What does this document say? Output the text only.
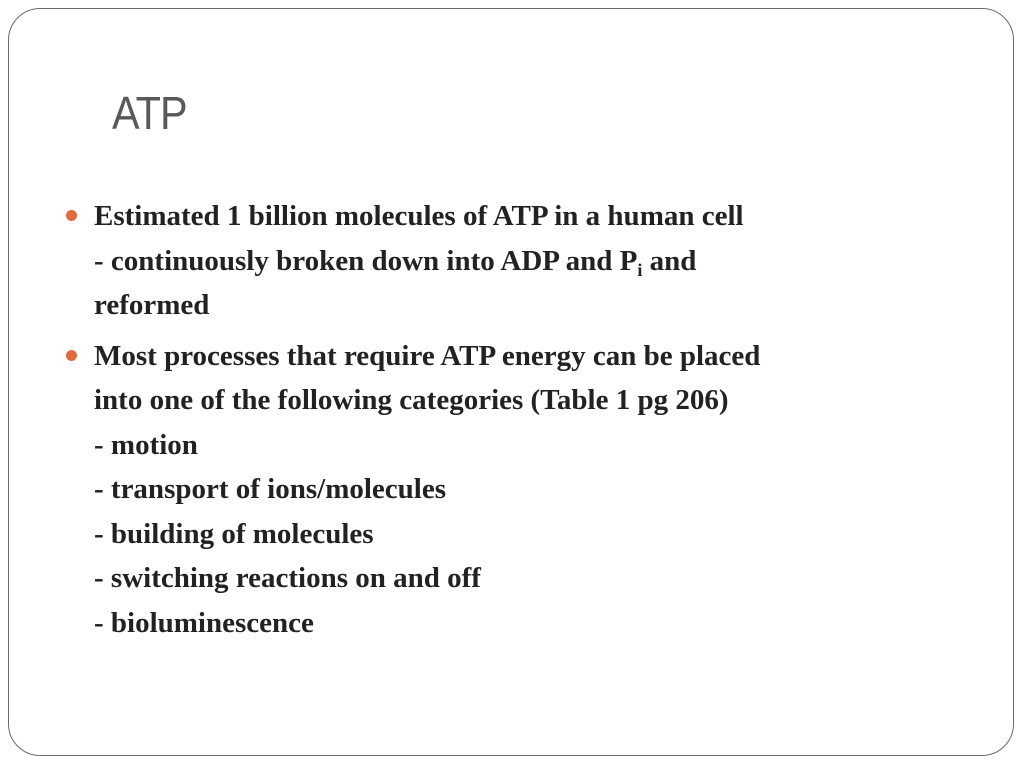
ATP
Estimated 1 billion molecules of ATP in a human cell
- continuously broken down into ADP and $P_i$ and
reformed
Most processes that require ATP energy can be placed
into one of the following categories (Table 1 pg 206)
- motion
- transport of ions/molecules
- building of molecules
- switching reactions on and off
- bioluminescence
